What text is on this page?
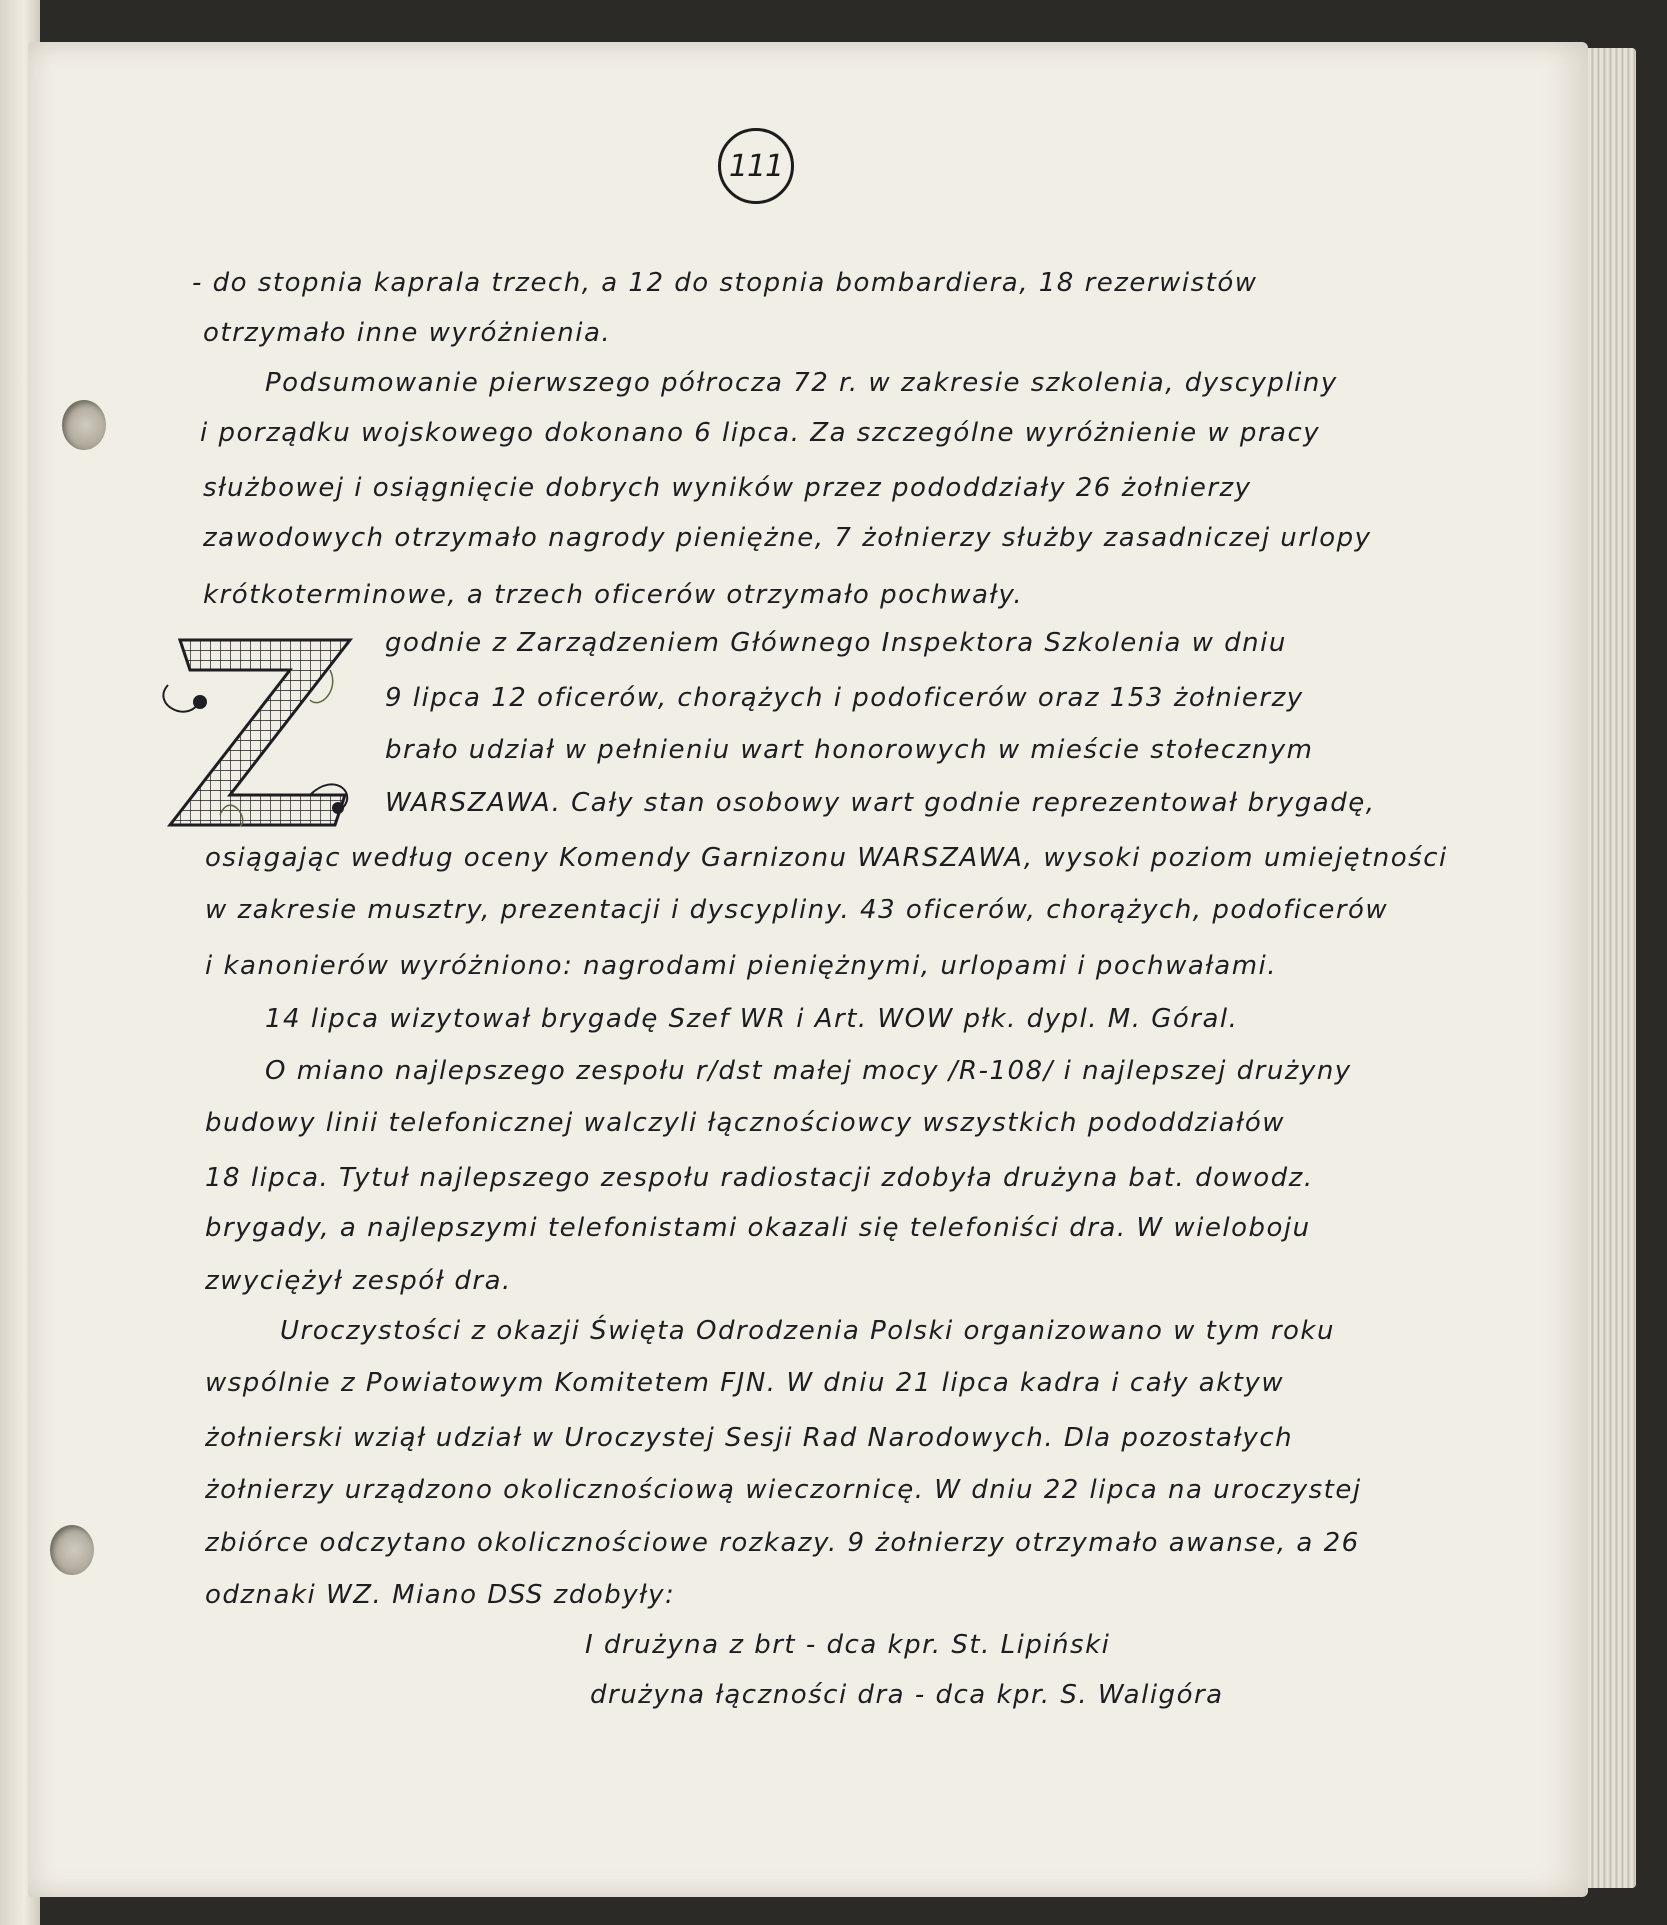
111
- do stopnia kaprala trzech, a 12 do stopnia bombardiera, 18 rezerwistów
otrzymało inne wyróżnienia.
Podsumowanie pierwszego półrocza 72 r. w zakresie szkolenia, dyscypliny
i porządku wojskowego dokonano 6 lipca. Za szczególne wyróżnienie w pracy
służbowej i osiągnięcie dobrych wyników przez pododdziały 26 żołnierzy
zawodowych otrzymało nagrody pieniężne, 7 żołnierzy służby zasadniczej urlopy
krótkoterminowe, a trzech oficerów otrzymało pochwały.
godnie z Zarządzeniem Głównego Inspektora Szkolenia w dniu
9 lipca 12 oficerów, chorążych i podoficerów oraz 153 żołnierzy
brało udział w pełnieniu wart honorowych w mieście stołecznym
WARSZAWA. Cały stan osobowy wart godnie reprezentował brygadę,
osiągając według oceny Komendy Garnizonu WARSZAWA, wysoki poziom umiejętności
w zakresie musztry, prezentacji i dyscypliny. 43 oficerów, chorążych, podoficerów
i kanonierów wyróżniono: nagrodami pieniężnymi, urlopami i pochwałami.
14 lipca wizytował brygadę Szef WR i Art. WOW płk. dypl. M. Góral.
O miano najlepszego zespołu r/dst małej mocy /R-108/ i najlepszej drużyny
budowy linii telefonicznej walczyli łącznościowcy wszystkich pododdziałów
18 lipca. Tytuł najlepszego zespołu radiostacji zdobyła drużyna bat. dowodz.
brygady, a najlepszymi telefonistami okazali się telefoniści dra. W wieloboju
zwyciężył zespół dra.
Uroczystości z okazji Święta Odrodzenia Polski organizowano w tym roku
wspólnie z Powiatowym Komitetem FJN. W dniu 21 lipca kadra i cały aktyw
żołnierski wziął udział w Uroczystej Sesji Rad Narodowych. Dla pozostałych
żołnierzy urządzono okolicznościową wieczornicę. W dniu 22 lipca na uroczystej
zbiórce odczytano okolicznościowe rozkazy. 9 żołnierzy otrzymało awanse, a 26
odznaki WZ. Miano DSS zdobyły:
I drużyna z brt - dca kpr. St. Lipiński
drużyna łączności dra - dca kpr. S. Waligóra
